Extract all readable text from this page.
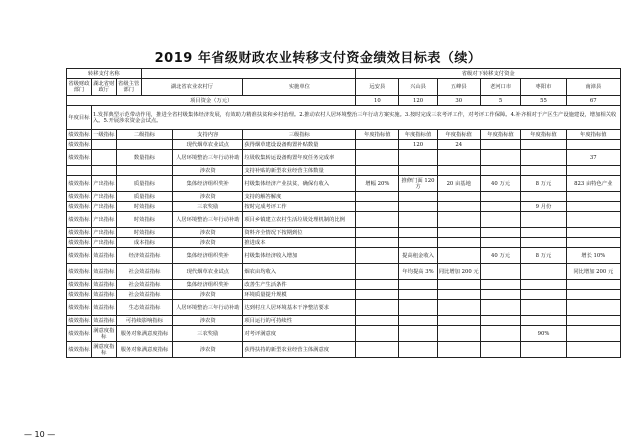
2019 年省级财政农业转移支付资金绩效目标表（续）
转移支付名称						省级对下转移支付资金					
省级财政部门	湖北省财政厅	省级主管部门	湖北省农业农村厅		实施单位	远安县	兴山县	五峰县	老河口市	枣阳市	南漳县
项目资金（万元）						10	120	30	5	55	67
年度目标	1.发挥典型示范带动作用，推进全省村级集体经济发展，有效助力精准扶贫和乡村治理。2.推动农村人居环境整治三年行动方案实施。3.按时完成三农考评工作，对考评工作保障。4.补齐相对于产区生产设施建设，增加相关收入。5.开展涉农资金会试点。										
绩效指标	一级指标	二级指标		支持内容	三级指标	年度指标值	年度指标值	年度指标值	年度指标值	年度指标值	年度指标值
绩效指标				现代烟草农业试点	获得烟草建设设备购置补贴数量		120	24			
绩效指标		数量指标		人居环境整治三年行动补助	垃圾收集转运设备购置年度任务完成率						37
				涉农资	支持补贴的新型农业经营主体数量						
绩效指标	产出指标	质量指标		集体经济组织奖补	村级集体经济产业扶贫，确保有收入	增幅 20%	推修门面 120 方	20 亩基地	40 万元	8 万元	823 亩特色产业
绩效指标	产出指标	质量指标		涉农资	支持的解答解度						
绩效指标	产出指标	时效指标		三农奖励	按时完成考评工作					9 月份	
绩效指标	产出指标	时效指标		人居环境整治三年行动补助	项目乡镇建立农村生活垃圾处理机制的比例						
绩效指标	产出指标	时效指标		涉农资	资料齐全情况下按期到位						
绩效指标	产出指标	成本指标		涉农资	推进成本						
绩效指标	效益指标	经济效益指标		集体经济组织奖补	村级集体经济收入增加		提高租金收入		40 万元	8 万元	增长 10%
绩效指标	效益指标	社会效益指标		现代烟草农业试点	烟农亩均收入		年均提高 3%	同比增加 200 元			同比增加 200 元
绩效指标	效益指标	社会效益指标		集体经济组织奖补	改善生产生活条件						
绩效指标	效益指标	社会效益指标		涉农资	环境质量提升规模						
绩效指标	效益指标	生态效益指标		人居环境整治三年行动补助	达到村庄人居环境基本干净整洁要求						
绩效指标	效益指标	可持续影响指标		涉农资	项目运行的可持续性						
绩效指标	满意度指标	服务对象满意度指标		三农奖励	对考评满意度					90%	
绩效指标	满意度指标	服务对象满意度指标		涉农资	获得扶持的新型农业经营主体满意度						
— 10 —
